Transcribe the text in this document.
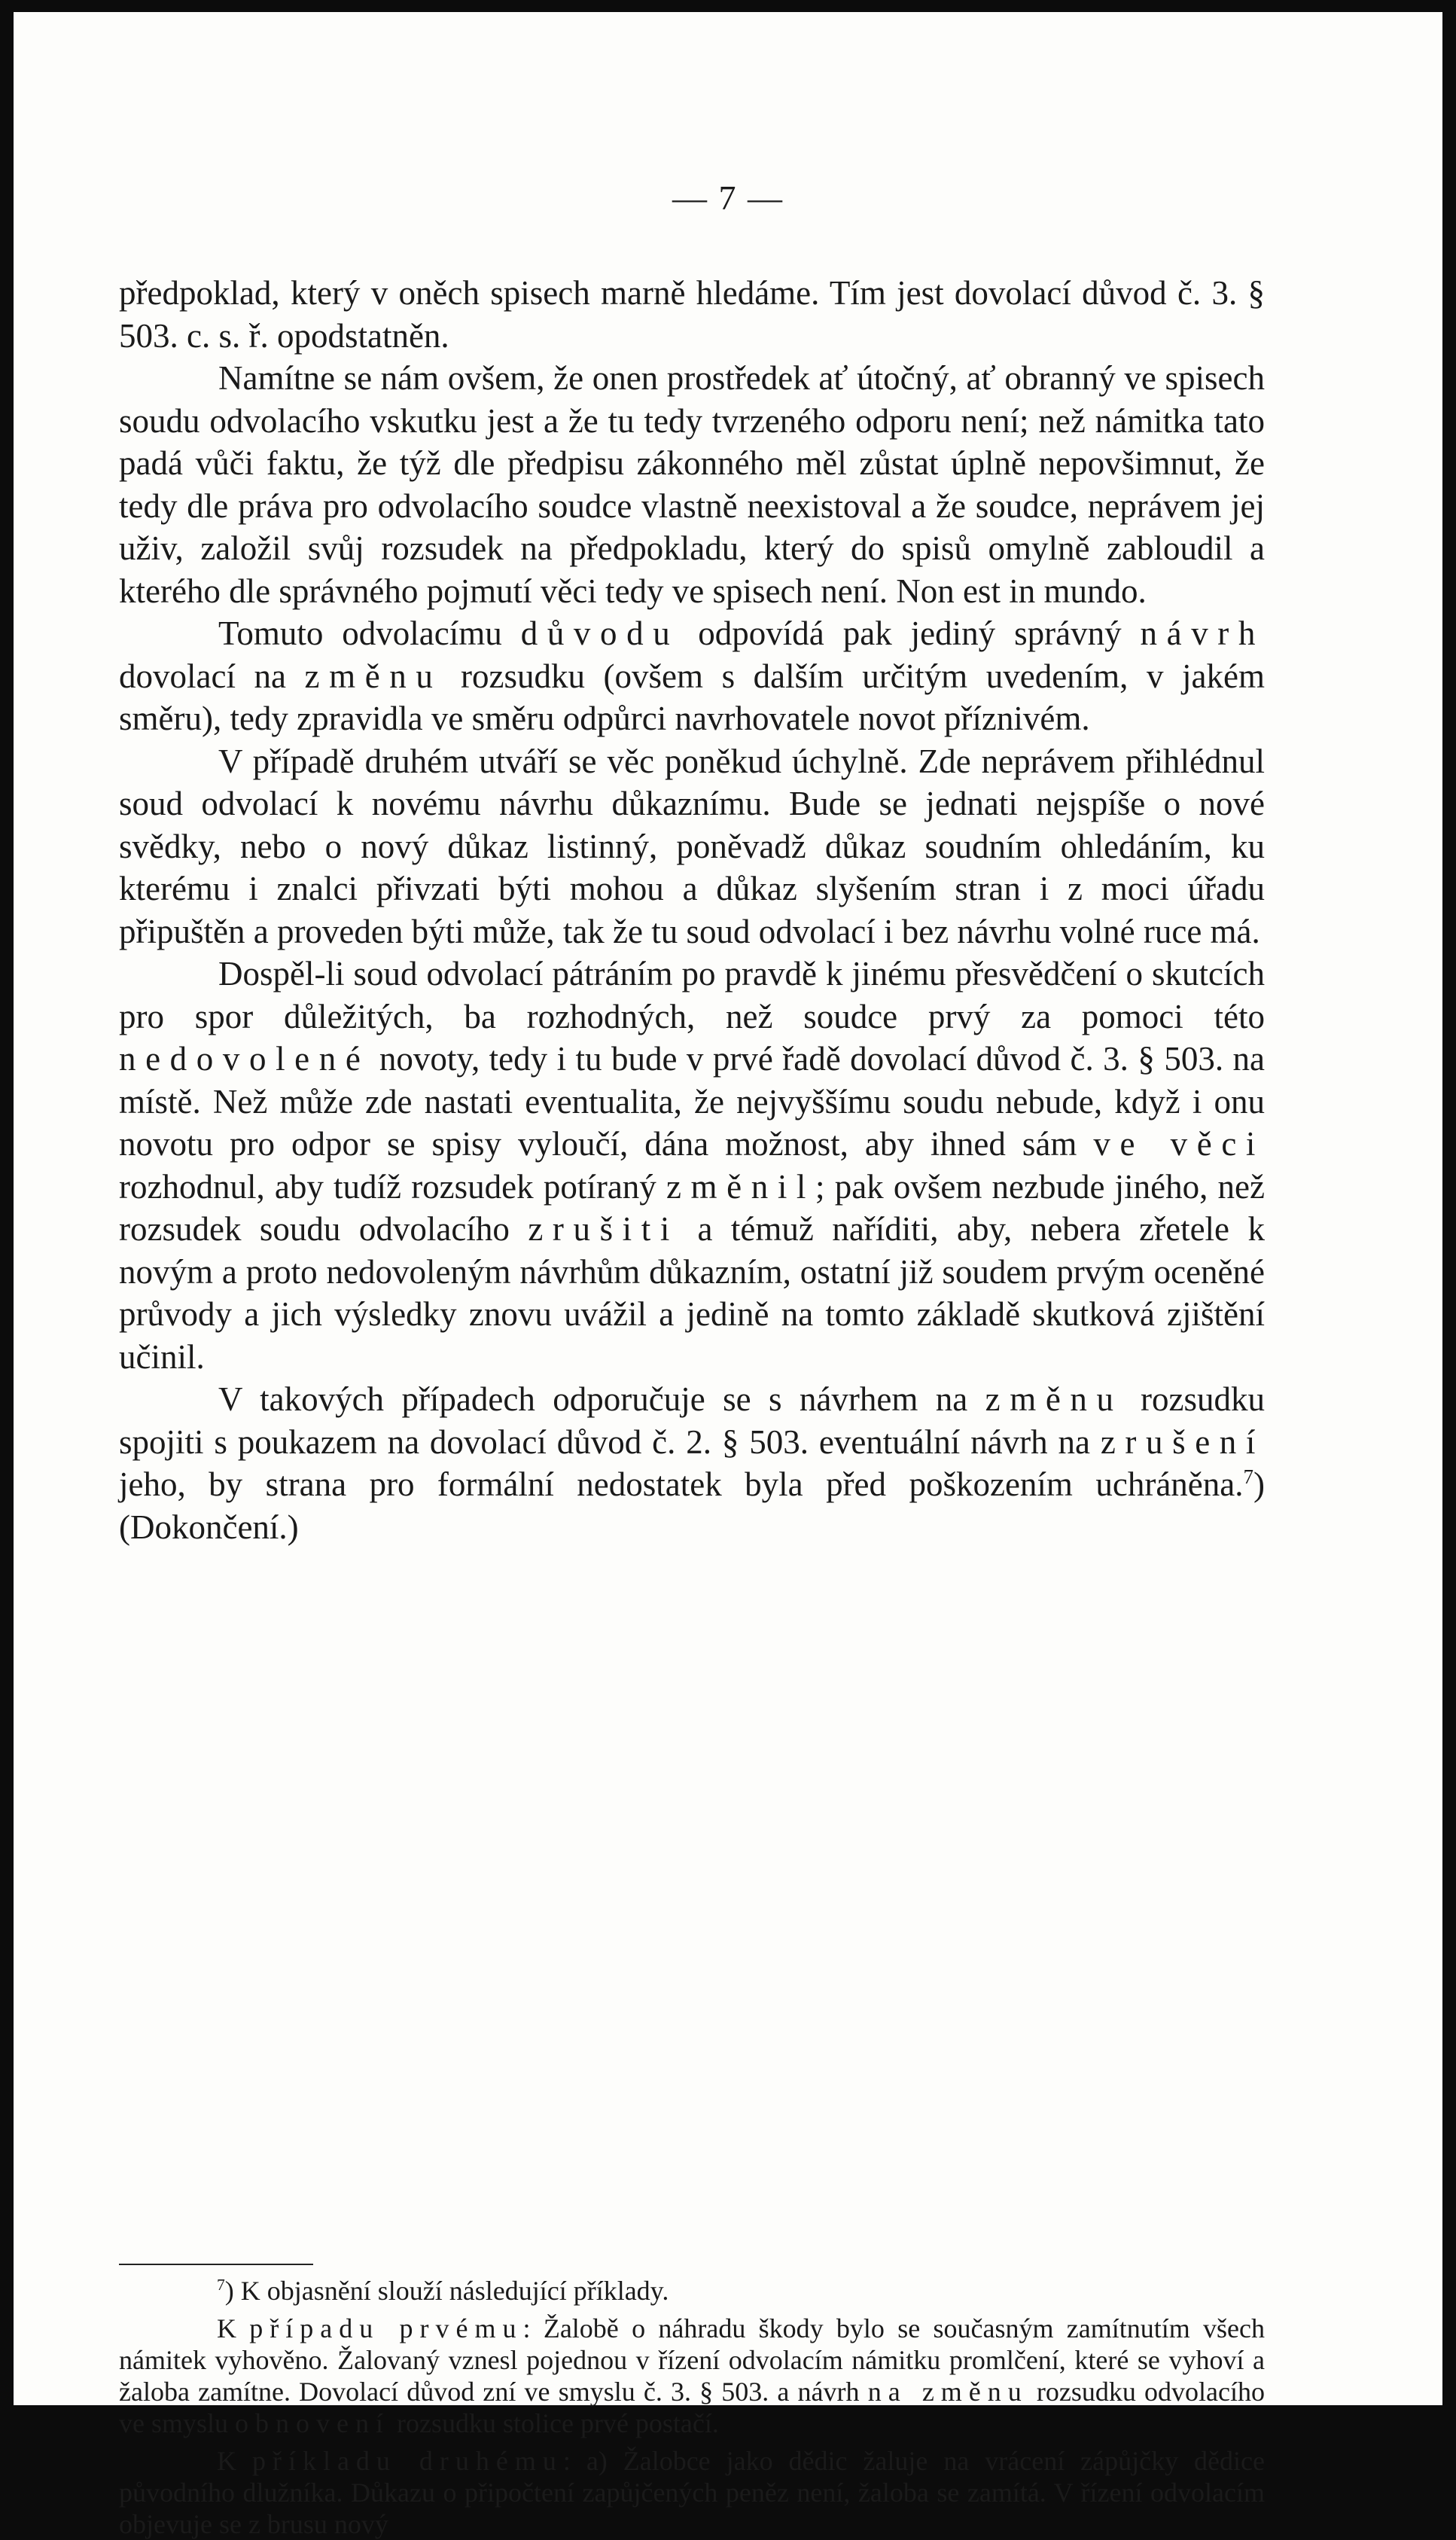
— 7 —

předpoklad, který v oněch spisech marně hledáme. Tím jest dovolací důvod č. 3. § 503. c. s. ř. opodstatněn.

Namítne se nám ovšem, že onen prostředek ať útočný, ať obranný ve spisech soudu odvolacího vskutku jest a že tu tedy tvrzeného odporu není; než námitka tato padá vůči faktu, že týž dle předpisu zákonného měl zůstat úplně nepovšimnut, že tedy dle práva pro odvolacího soudce vlastně neexistoval a že soudce, neprávem jej uživ, založil svůj rozsudek na předpokladu, který do spisů omylně zabloudil a kterého dle správného pojmutí věci tedy ve spisech není. Non est in mundo.

Tomuto odvolacímu důvodu odpovídá pak jediný správný návrh dovolací na změnu rozsudku (ovšem s dalším určitým uvedením, v jakém směru), tedy zpravidla ve směru odpůrci navrhovatele novot příznivém.

V případě druhém utváří se věc poněkud úchylně. Zde neprávem přihlédnul soud odvolací k novému návrhu důkaznímu. Bude se jednati nejspíše o nové svědky, nebo o nový důkaz listinný, poněvadž důkaz soudním ohledáním, ku kterému i znalci přivzati býti mohou a důkaz slyšením stran i z moci úřadu připuštěn a proveden býti může, tak že tu soud odvolací i bez návrhu volné ruce má.

Dospěl-li soud odvolací pátráním po pravdě k jinému přesvědčení o skutcích pro spor důležitých, ba rozhodných, než soudce prvý za pomoci této nedovolené novoty, tedy i tu bude v prvé řadě dovolací důvod č. 3. § 503. na místě. Než může zde nastati eventualita, že nejvyššímu soudu nebude, když i onu novotu pro odpor se spisy vyloučí, dána možnost, aby ihned sám ve věci rozhodnul, aby tudíž rozsudek potíraný změnil; pak ovšem nezbude jiného, než rozsudek soudu odvolacího zrušiti a témuž naříditi, aby, nebera zřetele k novým a proto nedovoleným návrhům důkazním, ostatní již soudem prvým oceněné průvody a jich výsledky znovu uvážil a jedině na tomto základě skutková zjištění učinil.

V takových případech odporučuje se s návrhem na změnu rozsudku spojiti s poukazem na dovolací důvod č. 2. § 503. eventuální návrh na zrušení jeho, by strana pro formální nedostatek byla před poškozením uchráněna.$^7$) (Dokončení.)

$^7$) K objasnění slouží následující příklady.

K případu prvému: Žalobě o náhradu škody bylo se současným zamítnutím všech námitek vyhověno. Žalovaný vznesl pojednou v řízení odvolacím námitku promlčení, které se vyhoví a žaloba zamítne. Dovolací důvod zní ve smyslu č. 3. § 503. a návrh na změnu rozsudku odvolacího ve smyslu obnovení rozsudku stolice prvé postačí.

K příkladu druhému: a) Žalobce jako dědic žaluje na vrácení zápůjčky dědice původního dlužníka. Důkazu o připočtení zapůjčených peněz není, žaloba se zamítá. V řízení odvolacím objevuje se z brusu nový
